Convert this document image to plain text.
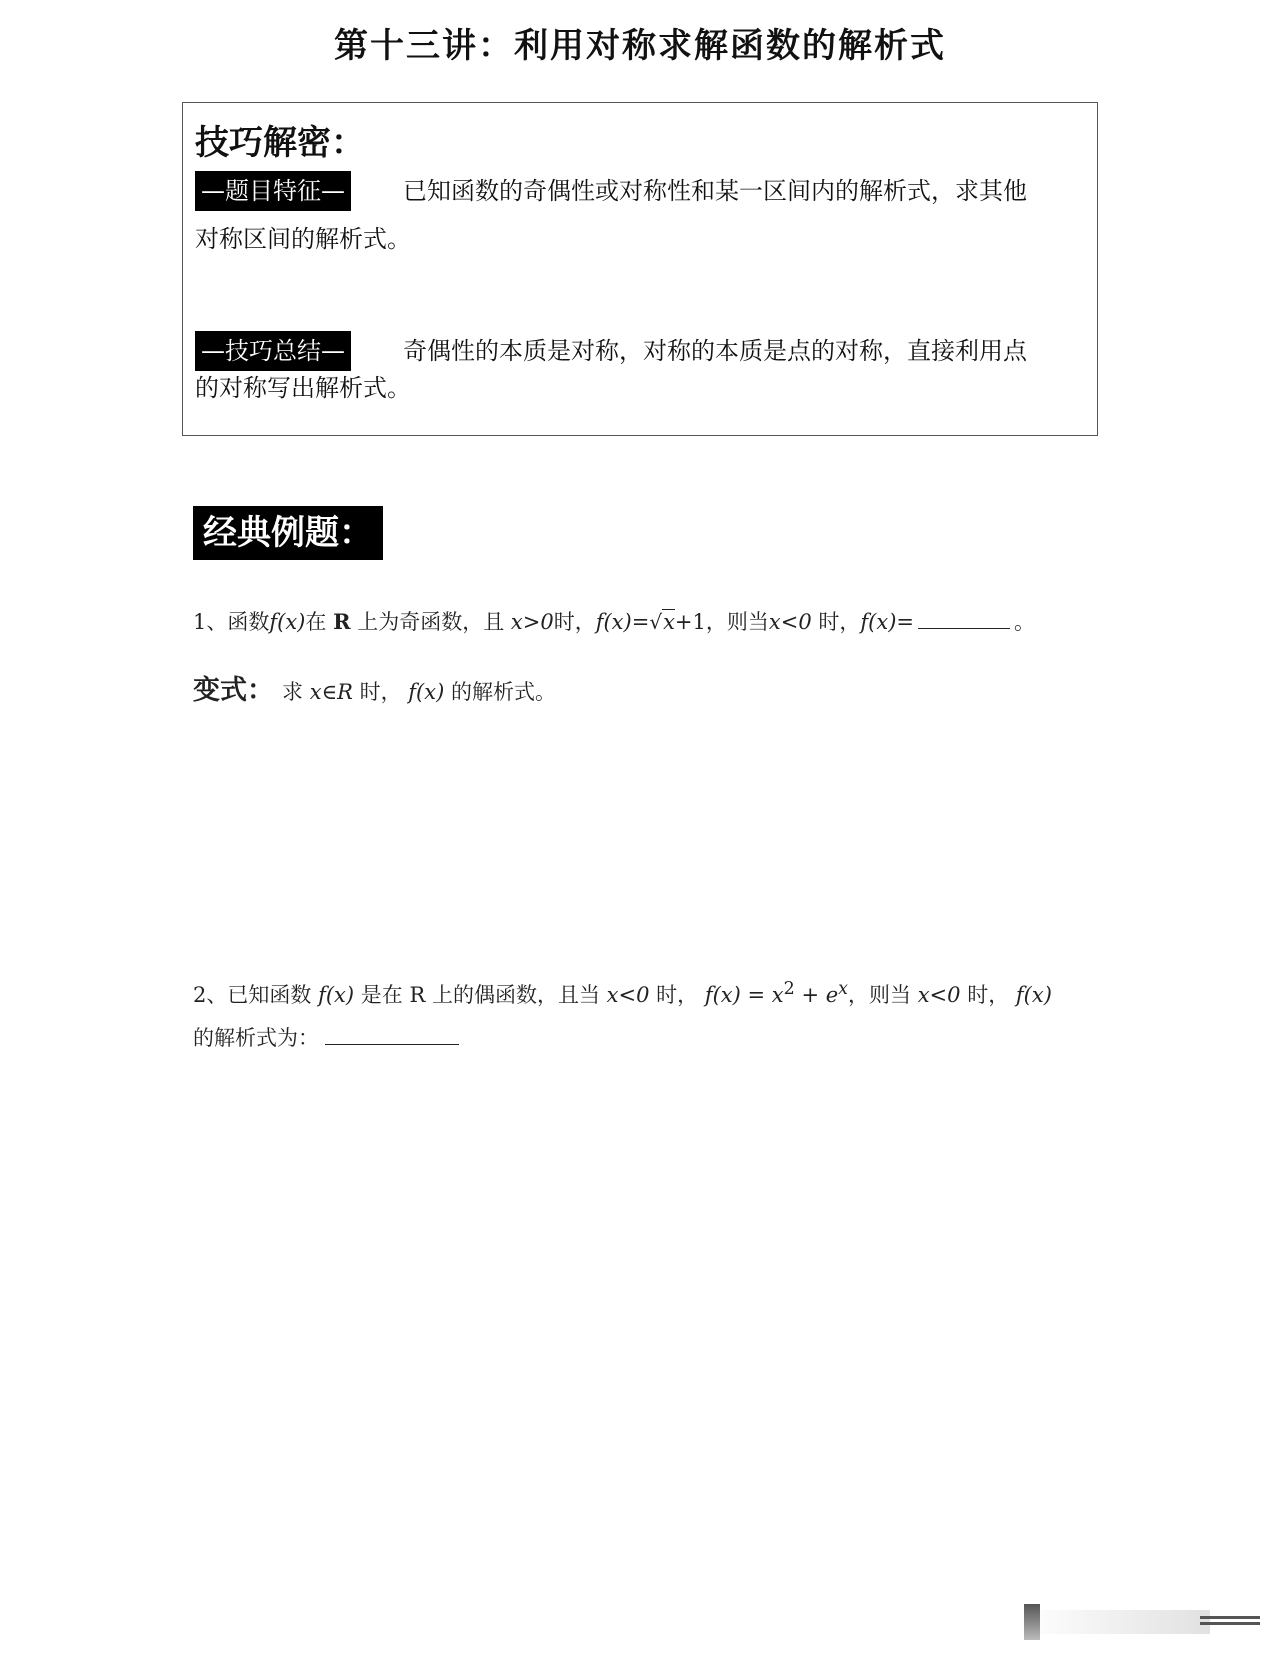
第十三讲：利用对称求解函数的解析式
技巧解密：
—题目特征— 已知函数的奇偶性或对称性和某一区间内的解析式，求其他
对称区间的解析式。
—技巧总结— 奇偶性的本质是对称，对称的本质是点的对称，直接利用点
的对称写出解析式。
经典例题：
1、函数f(x)在 R 上为奇函数，且 x>0时，f(x)=√x+1，则当x<0 时，f(x)=	。
变式： 求 x∈R 时， f(x) 的解析式。
2、已知函数 f(x) 是在 R 上的偶函数，且当 x<0 时， $f(x) = x^2 + e^x$，则当 x<0 时， f(x)
的解析式为：
